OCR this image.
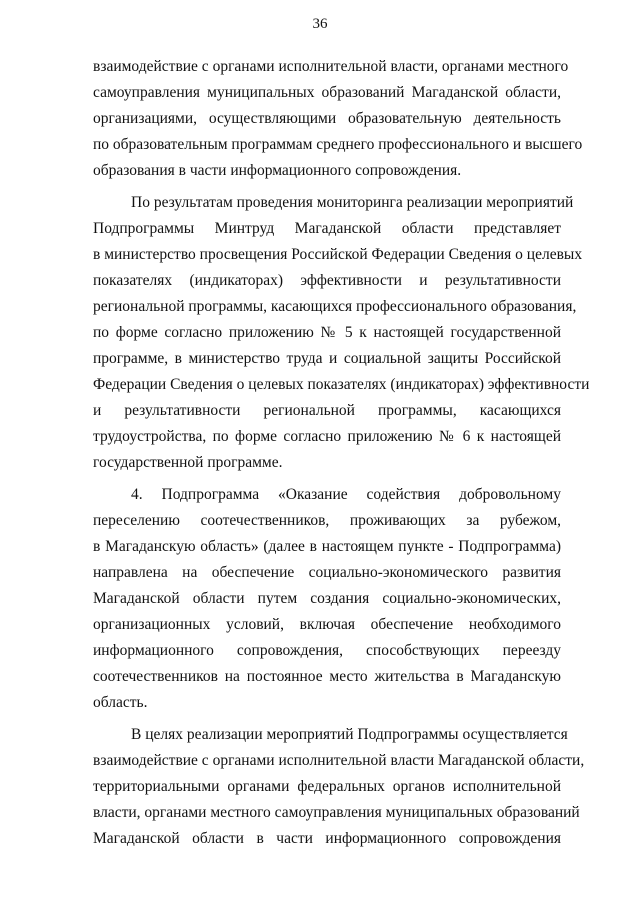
36
взаимодействие с органами исполнительной власти, органами местного
самоуправления муниципальных образований Магаданской области,
организациями, осуществляющими образовательную деятельность
по образовательным программам среднего профессионального и высшего
образования в части информационного сопровождения.
По результатам проведения мониторинга реализации мероприятий
Подпрограммы Минтруд Магаданской области представляет
в министерство просвещения Российской Федерации Сведения о целевых
показателях (индикаторах) эффективности и результативности
региональной программы, касающихся профессионального образования,
по форме согласно приложению № 5 к настоящей государственной
программе, в министерство труда и социальной защиты Российской
Федерации Сведения о целевых показателях (индикаторах) эффективности
и результативности региональной программы, касающихся
трудоустройства, по форме согласно приложению № 6 к настоящей
государственной программе.
4. Подпрограмма «Оказание содействия добровольному
переселению соотечественников, проживающих за рубежом,
в Магаданскую область» (далее в настоящем пункте - Подпрограмма)
направлена на обеспечение социально-экономического развития
Магаданской области путем создания социально-экономических,
организационных условий, включая обеспечение необходимого
информационного сопровождения, способствующих переезду
соотечественников на постоянное место жительства в Магаданскую
область.
В целях реализации мероприятий Подпрограммы осуществляется
взаимодействие с органами исполнительной власти Магаданской области,
территориальными органами федеральных органов исполнительной
власти, органами местного самоуправления муниципальных образований
Магаданской области в части информационного сопровождения
